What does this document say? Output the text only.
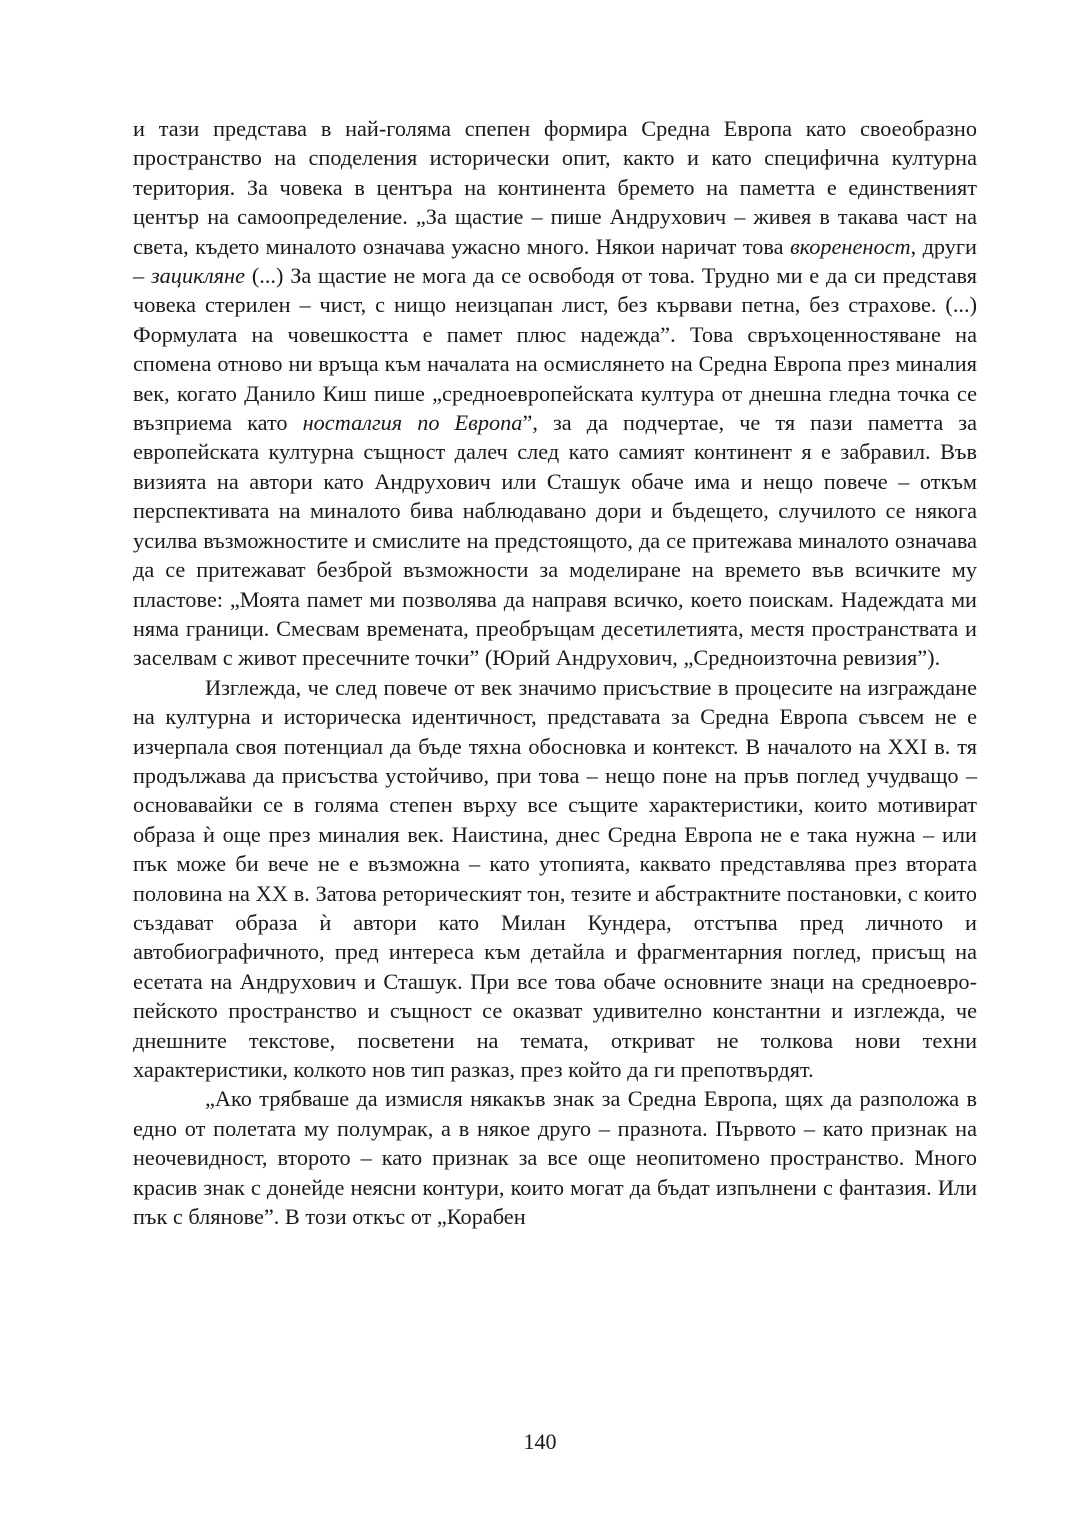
и тази представа в най-голяма спепен формира Средна Европа като своеобразно пространство на споделения исторически опит, както и като специфична културна територия. За човека в центъра на континента бремето на паметта е единственият център на самоопределение. „За щастие – пише Андрухович – живея в такава част на света, където миналото означава ужасно много. Някои наричат това вкорененост, други – зацикляне (...) За щастие не мога да се освободя от това. Трудно ми е да си представя човека стерилен – чист, с нищо неизцапан лист, без кървави петна, без страхове. (...) Формулата на човешкостта е памет плюс надежда”. Това свръхоценностяване на спомена отново ни връща към началата на осмислянето на Средна Европа през миналия век, когато Данило Киш пише „средноевропейската култура от днешна гледна точка се възприема като носталгия по Европа”, за да подчертае, че тя пази паметта за европейската културна същност далеч след като самият континент я е забравил. Във визията на автори като Андрухович или Сташук обаче има и нещо повече – откъм перспективата на миналото бива наблюдавано дори и бъдещето, случилото се някога усилва възможностите и смислите на предстоящото, да се притежава миналото означава да се притежават безброй възможности за моделиране на времето във всичките му пластове: „Моята памет ми позволява да направя всичко, което поискам. Надеждата ми няма граници. Смесвам времената, преобръщам десетилетията, местя пространствата и заселвам с живот пресечните точки” (Юрий Андрухович, „Средноизточна ревизия”).

Изглежда, че след повече от век значимо присъствие в процесите на изграждане на културна и историческа идентичност, представата за Средна Европа съвсем не е изчерпала своя потенциал да бъде тяхна обосновка и контекст. В началото на XXI в. тя продължава да присъства устойчиво, при това – нещо поне на пръв поглед учудващо – основавайки се в голяма степен върху все същите характеристики, които мотивират образа ѝ още през миналия век. Наистина, днес Средна Европа не е така нужна – или пък може би вече не е възможна – като утопията, каквато представлява през втората половина на XX в. Затова реторическият тон, тезите и абстрактните постановки, с които създават образа ѝ автори като Милан Кундера, отстъпва пред личното и автобиографичното, пред интереса към детайла и фрагментарния поглед, присъщ на есетата на Андрухович и Сташук. При все това обаче основните знаци на средноевропейското пространство и същност се оказват удивително константни и изглежда, че днешните текстове, посветени на темата, откриват не толкова нови техни характеристики, колкото нов тип разказ, през който да ги препотвърдят.

„Ако трябваше да измисля някакъв знак за Средна Европа, щях да разположа в едно от полетата му полумрак, а в някое друго – празнота. Първото – като признак на неочевидност, второто – като признак за все още неопитомено пространство. Много красив знак с донейде неясни контури, които могат да бъдат изпълнени с фантазия. Или пък с блянове”. В този откъс от „Корабен

140
